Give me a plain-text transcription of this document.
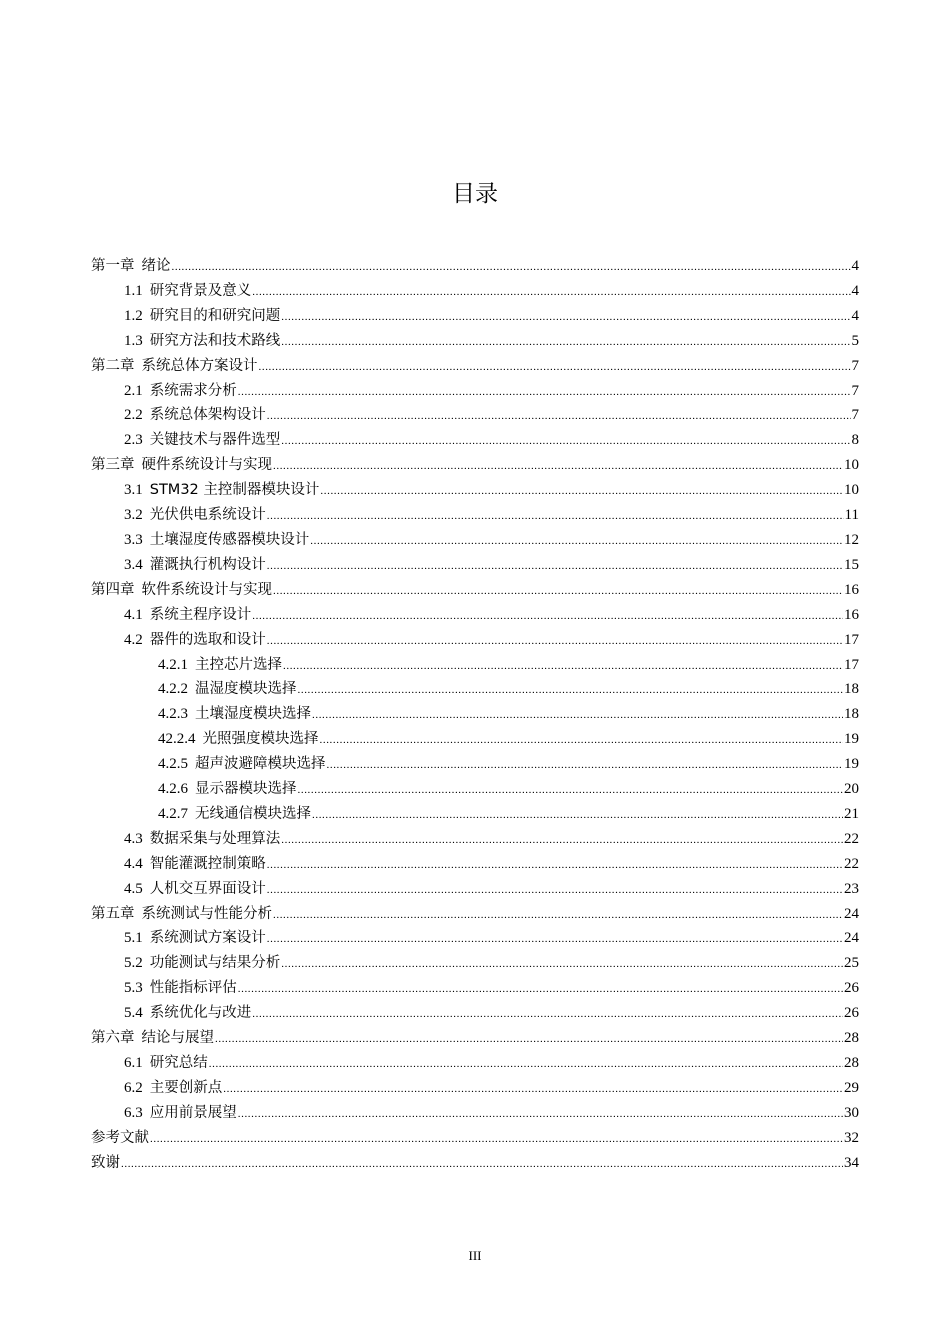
目录
第一章 绪论 .....	4
1.1 研究背景及意义 .....	4
1.2 研究目的和研究问题 .....	4
1.3 研究方法和技术路线 .....	5
第二章 系统总体方案设计 .....	7
2.1 系统需求分析 .....	7
2.2 系统总体架构设计 .....	7
2.3 关键技术与器件选型 .....	8
第三章 硬件系统设计与实现 .....	10
3.1 STM32 主控制器模块设计 .....	10
3.2 光伏供电系统设计 .....	11
3.3 土壤湿度传感器模块设计 .....	12
3.4 灌溉执行机构设计 .....	15
第四章 软件系统设计与实现 .....	16
4.1 系统主程序设计 .....	16
4.2 器件的选取和设计 .....	17
4.2.1 主控芯片选择 .....	17
4.2.2 温湿度模块选择 .....	18
4.2.3 土壤湿度模块选择 .....	18
42.2.4 光照强度模块选择 .....	19
4.2.5 超声波避障模块选择 .....	19
4.2.6 显示器模块选择 .....	20
4.2.7 无线通信模块选择 .....	21
4.3 数据采集与处理算法 .....	22
4.4 智能灌溉控制策略 .....	22
4.5 人机交互界面设计 .....	23
第五章 系统测试与性能分析 .....	24
5.1 系统测试方案设计 .....	24
5.2 功能测试与结果分析 .....	25
5.3 性能指标评估 .....	26
5.4 系统优化与改进 .....	26
第六章 结论与展望 .....	28
6.1 研究总结 .....	28
6.2 主要创新点 .....	29
6.3 应用前景展望 .....	30
参考文献 .....	32
致谢 .....	34
III
